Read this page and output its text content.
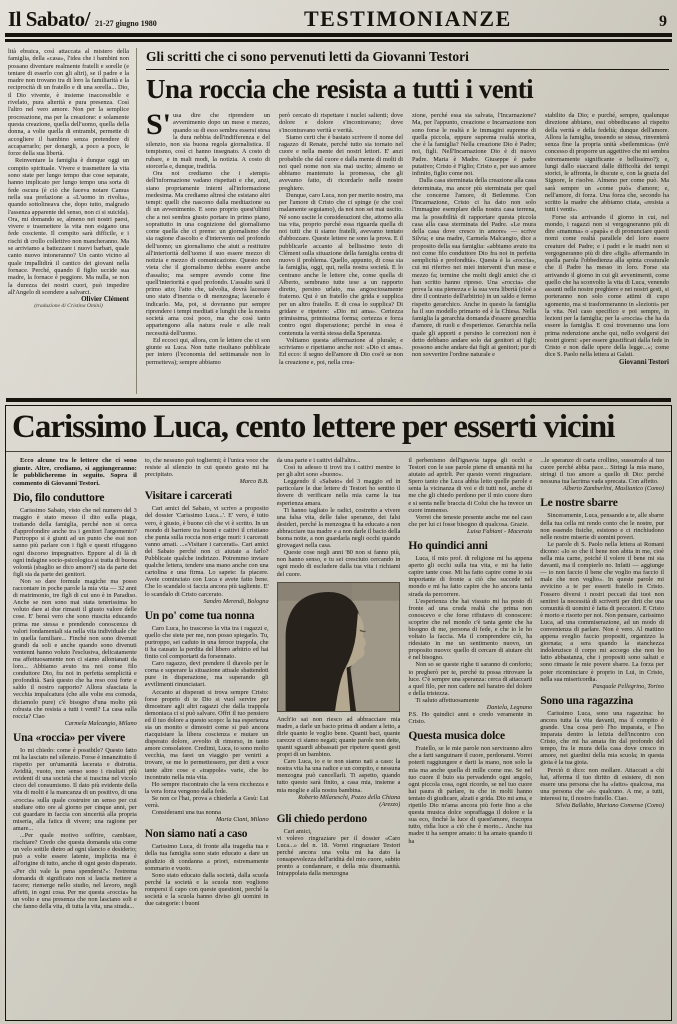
Il Sabato/ 21-27 giugno 1980	TESTIMONIANZE	9

lità ebraica, così attaccata al mistero della famiglia, della «casa», l'idea che i bambini non possano diventare realmente fratelli e sorelle (e tentare di esserlo con gli altri), se il padre e la madre non trovano tra di loro la familiarità e la reciprocità di un fratello e di una sorella... Dio, il Dio vivente, è insieme inaccessibile e rivelato, pura alterità e pura presenza. Così l'altro nel vero amore. Non per la semplice procreazione, ma per la creazione: e solamente questa creazione, quella dell'uomo, quella della donna, a volte quella di entrambi, permette di accogliere il bambino senza pretendere di accaparrarlo; per donargli, a poco a poco, le forze della sua libertà.

Reinventare la famiglia è dunque oggi un compito spirituale. Vivere e trasmettere la vita sono state per lungo tempo due cose separate, hanno implicato per lungo tempo una sorta di fede oscura (è ciò che faceva notare Camus nella sua prefazione a «L'uomo in rivolta», quando sottolineava che, dopo tutto, malgrado l'assenza apparente del senso, non ci si suicida). Ora, mi domando se, almeno nei nostri paesi, vivere e trasmettere la vita non esigano una fede cosciente. Il compito sarà difficile, e i rischi di crollo collettivo non mancheranno. Ma se arriviamo a battezzare i nuovi barbari, quale canto nuovo intoneranno? Un canto vicino al quale impallidirà il cantico dei giovani nella fornace. Perché, quando il figlio uccide sua madre, la fornace è peggiore. Ma nulla, se non la durezza dei nostri cuori, può impedire all'Angelo di scendere a salvarci.

Olivier Clément

(traduzione di Cristina Omini)

Gli scritti che ci sono pervenuti letti da Giovanni Testori
Una roccia che resista a tutti i venti

S' usa dire che riprendere un avvenimento dopo un mese e mezzo, quando su di esso sembra essersi stesa la dura nebbia dell'indifferenza e del silenzio, non sia buona regola giornalistica. Il tempismo, così ci hanno insegnato. A costo di rubare, e in mali modi, la notizia. A costo di storcerla e, dunque, tradirla.

Ora noi crediamo che i «tempi» dell'informazione vadano rispettati e che, anzi, siano propriamente interni all'informazione medesima. Ma crediamo altresì che esistano altri tempi: quelli che nascono dalla meditazione su di un avvenimento. E sono proprio quest'ultimi che a noi sembra giusto portare in primo piano, soprattutto in una cognizione del giornalismo come quella che ci preme: un giornalismo che sia ragione d'ascolto e d'intervento nel profondo dell'uomo; un giornalismo che aiuti a restituire all'interiorità dell'uomo il suo essere mezzo di notizia e mezzo di comunicazione. Questo non vieta che il giornalismo debba essere anche d'assalto; ma sempre avendo come fine quell'interiorità e quel profondo. L'assalto sarà il primo atto; l'atto che, talvolta, dovrà lacerare uno stato d'inerzia o di menzogna; lacerarlo è indicarlo. Ma, poi, si dovranno pur sempre riprendere i tempi meditati e lunghi che la nostra società ama così poco, ma che così tanto appartengono alla natura reale e alle reali necessità dell'uomo.

Ed eccoci qui, allora, con le lettere che ci son giunte su Luca. Non tutte risultano pubblicate per intero (l'economia del settimanale non lo permetteva); sempre abbiamo

però cercato di rispettare i nuclei salienti; dove dolore e dolore s'incontravano; dove s'incontravano verità e verità.

Siamo certi che è bastato scrivere il nome del ragazzo di Renate, perché tutto sia tornato nel cuore e nella mente dei nostri lettori. E' anzi probabile che dal cuore e dalla mente di molti di noi quel nome non sia mai uscito; almeno se abbiamo mantenuto la promessa, che gli avevamo fatto, di ricordarlo nelle nostre preghiere.

Dunque, caro Luca, non per merito nostro, ma per l'amore di Cristo che ci spinge (e che così malamente seguiamo), da noi non sei mai uscito. Né sono uscite le considerazioni che, attorno alla tua vita, proprio perché essa riguarda quella di noi tutti che ti siamo fratelli, avevamo tentato d'abbozzare. Queste lettere ne sono la prova. E il pubblicarle accanto al bellissimo testo di Clément sulla situazione della famiglia centra di nuovo il problema. Quello, appunto, di cosa sia la famiglia, oggi, qui, nella nostra società. E lo centrano anche le lettere che, come quella di Alberto, sembrano tutte tese a un rapporto diretto, persino urlato, ma angosciosamente fraterno. Qui è un fratello che grida e supplica per un altro fratello. E di cosa lo supplica? Di gridare e ripetere: «Dio mi ama». Certezza primissima, primissima forma; certezza e forza contro ogni disperazione; perché in essa è contenuta la verità stessa della Speranza.

Voltiamo questa affermazione al plurale; e scriviamo e ripetiamo anche noi: «Dio ci ama». Ed ecco: il segno dell'amore di Dio cos'è se non la creazione e, poi, nella crea-

zione, perché essa sia salvata, l'Incarnazione? Ma, per l'appunto, creazione e Incarnazione non sono forse le realtà e le immagini supreme di quella piccola, eppure suprema realtà storica, che è la famiglia? Nella creazione Dio è Padre; noi, figli. Nell'Incarnazione Dio è di nuovo Padre. Maria è Madre. Giuseppe è padre putativo; Cristo è Figlio; Cristo e, per suo amore infinito, figlio come noi.

Dalla casa sterminata della creazione alla casa determinata, ma ancor più sterminata per quel che concerne l'amore, di Betlemme. Con l'Incarnazione, Cristo ci ha dato non solo l'immagine esemplare della nostra casa terrena, ma la possibilità di rapportare questa piccola casa alla casa sterminata del Padre. «Le mura della casa dove cresco in amore» — scrive Silvia; e una madre, Carmela Malcangio, dice a proposito della sua famiglia: «abbiamo avuto tra noi come filo conduttore Dio fra noi in perfetta semplicità e profondità». Questa è la «roccia», cui mi riferivo nei miei interventi d'un mese e mezzo fa; termine che molti degli amici che ci han scritto hanno ripreso. Una «roccia» che prova la sua pienezza e la sua vera libertà (cioè a dire il contrario dell'arbitrio) in un saldo e fermo rispetto gerarchico. Anche in questo la famiglia ha il suo modello primario ed è la Chiesa. Nella famiglia la gerarchia domanda d'essere gerarchia d'amore, di ruoli e d'esperienze. Gerarchia nella quale gli apporti e persino le correzioni non è detto debbano andare solo dai genitori ai figli; possono anche andare dai figli ai genitori; pur di non sovvertire l'ordine naturale e

stabilito da Dio; e purché, sempre, qualunque direzione abbiano, essi obbediscano al rispetto della verità e della fedeltà; dunque dell'amore. Allora la famiglia, tessendo se stessa, rinventerà senza fine la propria unità «betlemmica» (m'è concesso di proporre un aggettivo che mi sembra estremamente significante e bellissimo?); e, lungi dallo staccarsi dalle difficoltà dei tempi storici, le affronta, le discute e, con la grazia del Signore, le risolve. Almeno per come può. Ma sarà sempre un «come può» d'amore; e, nell'amore, di forza. Una forza che, secondo ha scritto la madre che abbiamo citata, «resista a tutti i venti».

Forse sta arrivando il giorno in cui, nel mondo, i ragazzi non si vergogneranno più di dire «mamma» o «papà» e di pronunciare questi nomi come realtà parallele del loro essere creature del Padre; e i padri e le madri non si vergogneranno più di dire «figli» affermando in quella parola l'obbedienza alla spinta creaturale che il Padre ha messo in loro. Forse sta arrivando il giorno in cui gli avvenimenti, come quello che ha sconvolto la vita di Luca, venendo assunti nelle nostre preghiere e nei nostri gesti, si porteranno non solo come attimi di cupo sgomento, ma si trasformeranno in «lezioni» per la vita. Nel caso specifico e poi sempre, in lezioni per la famiglia; per la «roccia» che ha da essere la famiglia. E così troveranno una loro prima redenzione anche qui, nello svolgersi dei nostri giorni: «per essere giustificati dalla fede in Cristo e non dalle opere della legge...»; come dice S. Paolo nella lettera ai Galati.

Giovanni Testori

Carissimo Luca, cento lettere per esserti vicini

Ecco alcune tra le lettere che ci sono giunte. Altre, crediamo, si aggiungeranno: le pubblicheremo in seguito. Sopra il commento di Giovanni Testori.

Dio, filo conduttore

Carissimo Sabato, visto che nel numero del 3 maggio è stato messo il dito sulla piaga, trattando della famiglia, perché non si cerca d'approfondire anche tra i genitori l'argomento? Purtroppo si è giunti ad un punto che essi non sanno più parlare con i figli e questi rifuggono ogni discorso impegnativo. Eppure al di là di ogni indagine socio-psicologica si tratta di buona volontà (sbaglio se dico amore?) sia da parte dei figli sia da parte dei genitori.

Non so dare formule magiche ma posso raccontare in poche parole la mia vita — 32 anni di matrimonio, tre figli di cui uno è in Paradiso. Anche se non sono mai stata tenerissima ho voluto dare ai due rimasti il giusto valore delle cose. E' bensì vero che sono riuscita educando prima me stessa e prendendo conoscenza di valori fondamentali sia nella vita individuale che in quella familiare... Finché non sono divenuti grandi da soli e anche quando sono divenuti ventenni hanno voluto l'esclusiva, delicatamente ma affettuosamente non ci siamo allontanati da loro... Abbiamo avuto tra noi come filo conduttore Dio, fra noi in perfetta semplicità e profondità. Sarà questo che ha reso così forte e saldo il nostro rapporto? Allora sfasciata la vecchia impalcatura (che alle volte era comoda, diciamolo pure) c'è bisogno d'una molto più robusta che resista a tutti i venti? La casa sulla roccia? Ciao

Carmela Malcangio, Milano

Una «roccia» per vivere

Io mi chiedo: come è possibile? Questo fatto mi ha lasciato nel silenzio. Forse è innanzitutto il rispetto per un'umanità lacerata e distrutta. Avidità, vuoto, non senso sono i risultati più evidenti di una società che si trascina nel vicolo cieco del consumismo. Il dato più evidente della vita di molti è la mancanza di un positivo, di una «roccia» sulla quale costruire un senso per cui studiare otto ore al giorno per cinque anni, per cui guardare in faccia con sincerità alla propria miseria, alla fatica di vivere; una ragione per amare...

...Per quale motivo soffrire, cambiare, rischiare? Credo che questa domanda stia come un velo sottile dietro ad ogni slancio e desiderio; può a volte essere latente, implicita ma è all'origine di tutto, anche di ogni gesto disperato. «Per chi vale la pena spendersi?»: l'estrema domanda di significato non si lascia mettere a tacere; riemerge nello studio, nel lavoro, negli affetti, in ogni cosa. Per me questa «roccia» ha un volto e una presenza che non lasciano soli e che fanno della vita, di tutta la vita, una strada...

to, che nessuno può togliermi; è l'unica voce che resiste al silenzio in cui questo gesto mi ha precipitato.

Marco B.B.

Visitare i carcerati

Cari amici del Sabato, vi scrivo a proposito del dossier 'Carissimo Luca...'. E' vero, è tutto vero, è giusto, è buono ciò che vi è scritto. In un mondo di barriere tra buoni e cattivi il cristiano che punta sulla roccia non erige muri: i carcerati vanno amati. ...«Visitare i carcerati». Cari amici del Sabato perché non ci aiutate a farlo? Pubblicate qualche indirizzo. Potremmo inviare qualche lettera, tendere una mano anche con una cartolina e una firma. Lo sapete: fa piacere. Avete cominciato con Luca e avete fatto bene. Che lo scandalo si faccia ancora più tagliente. E' lo scandalo di Cristo carcerato.

Sandro Merendi, Bologna

Un po' come tua nonna

Caro Luca, ho trascorso la vita tra i ragazzi e, quello che siete per me, non posso spiegarlo. Tu, purtroppo, sei caduto in una feroce trappola, che ti ha causato la perdita del libero arbitrio ed hai finito col comportarti da forsennato.

Caro ragazzo, devi prendere il diavolo per le corna e superare la situazione attuale sbattendoti pure in disperazione, ma superando gli avvilimenti rinunciatari.

Accanto ai disperati si trova sempre Cristo: forse proprio di te Dio si vuol servire per dimostrare agli altri ragazzi che dalla trappola demoniaca ci si può salvare. Offri il tuo pensiero ed il tuo dolore a questo scopo: la tua esperienza sia un monito e dimostri come si può ancora riacquistare la libera coscienza e mutare un disperato dolore, avvolto di rimorso, in tanto amore consolatore. Credimi, Luca, io sono molto vecchia, ma farei un viaggio per venirti a trovare, se me lo permettessero, per dirti a voce tante altre cose e «trappole» varie, che ho incontrato nella mia vita.

Ho sempre riscontrato che la vera ricchezza e la vera forza vengono dalla fede.

Se non ce l'hai, prova a chiederla a Gesù: Lui verrà.

Considerami una tua nonna

Maria Ciani, Milano

Non siamo nati a caso

Carissimo Luca, di fronte alla tragedia tua e della tua famiglia sono stato educato a dare un giudizio di condanna a priori, estremamente sommario e vuoto.

Sono stato educato dalla società, dalla scuola perché la società e la scuola non vogliono rompersi il capo con queste questioni, perché la società e la scuola hanno diviso gli uomini in due categorie: i buoni

da una parte e i cattivi dall'altra...

Così tu adesso ti trovi tra i cattivi mentre io per gli altri sono «buono».

Leggendo il «Sabato» del 3 maggio ed in particolare le due lettere di Testori ho sentito il dovere di verificare nella mia carne la tua esperienza amara.

Ti hanno tagliato le radici, costretto a vivere una falsa vita, delle false speranze, dei falsi desideri, perché la menzogna ti ha educato a non abbracciare tua madre e a non darle il bacio della buona notte, a non guardarla negli occhi quando girovagavi nella casa.

Queste cose negli anni '80 non si fanno più, non hanno senso, e tu sei cresciuto cercando in ogni modo di escludere dalla tua vita i richiami del cuore.

Anch'io sai non riesco ad abbracciare mia madre, a darle un bacio prima di andare a letto, a dirle quanto le voglio bene. Quanti baci, quante carezze ci siamo negati; quante parole non dette, quanti sguardi abbassati per ripetere questi gesti propri di un bambino.

Caro Luca, io e te non siamo nati a caso: la nostra vita ha una radice e un compito, e nessuna menzogna può cancellarli. Ti aspetto, quando tutto questo sarà finito, a casa mia, insieme a mia moglie e alla nostra bambina.

Roberto Milaneschi, Pozzo della Chiana (Arezzo)

Gli chiedo perdono

Cari amici,

vi volevo ringraziare per il dossier «Caro Luca...» del n. 18. Vorrei ringraziare Testori perché ancora una volta mi ha dato la consapevolezza dell'aridità del mio cuore, subito pronto a condannare, e della mia disumanità. Intrappolata dalla menzogna

il perbenismo dell'ignavia tappa gli occhi e Testori con le sue parole piene di umanità mi ha aiutato ad aprirli. Per questo vorrei ringraziare. Spero tanto che Luca abbia letto quelle parole e senta la vicinanza di voi e di tutti noi, anche di me che gli chiedo perdono per il mio cuore duro e si senta nelle braccia di Colui che ha invece un cuore immenso.

Vorrei che teneste presente anche me nel caso che per lui ci fosse bisogno di qualcosa. Grazie.

Luisa Fabiani - Macerata

Ho quindici anni

Luca, il mio prof. di religione mi ha appena aperto gli occhi sulla tua vita, e mi ha fatto capire tante cose. Mi ha fatto capire come io sia importante di fronte a ciò che succede nel mondo e mi ha fatto capire che ho ancora tanta strada da percorrere.

L'esperienza che hai vissuto mi ha posto di fronte ad una cruda realtà che prima non conoscevo e che forse rifiutavo di conoscere: scoprire che nel mondo c'è tanta gente che ha bisogno di me, persona di fede, e che io le ho voltato la faccia. Ma il comprendere ciò, ha ridestato in me un sentimento nuovo, un proposito nuovo: quello di cercare di aiutare chi è nel bisogno.

Non so se queste righe ti saranno di conforto; io pregherò per te, perché tu possa ritrovare la luce. C'è sempre una speranza: cerca di attaccarti a quel filo, per non cadere nel baratro del dolore e della tristezza.

Ti saluto affettuosamente

Daniela, Legnano

P.S. Ho quindici anni e credo veramente in Cristo.

Questa musica dolce

Fratello, se le mie parole non serviranno altro che a farti sanguinare il cuore, perdonami. Vorrei poterti raggiungere e darti la mano, non solo la mia ma anche quella di mille come me. Se nel tuo cuore il buio sta pervadendo ogni angolo, ogni piccola cosa, ogni ricordo, se nel tuo cuore hai paura di parlare, tu che in molti hanno tentato di giudicare, alzati e grida. Dio mi ama, e ripetilo Dio m'ama ancora più forte fino a che questa musica dolce sopraffagga il dolore e la sua eco, finché la luce di quest'amore, riscopra tutto, ridìa luce a ciò che è morto... Anche tua madre ti ha sempre amato: ti ha amato quando ti ha

...le speranze di carta crollino, sussurralo al tuo cuore perché abbia pace... Stringi la mia mano, stringi il tuo amore a quello di Dio: perché nessuna tua lacrima vada sprecata. Con affetto.

Alberto Zamburlini, Maslianico (Como)

Le nostre sbarre

Sinceramente, Luca, pensando a te, alle sbarre della tua cella mi rendo conto che le nostre, pur non essendo fisiche, esistono e ci rinchiudono nelle nostre miserie di uomini poveri.

Le parole di S. Paolo nella lettera ai Romani dicono: «Io so che il bene non abita in me, cioè nella mia carne, poiché il volere il bene mi sta davanti, ma il compierlo no. Infatti — aggiunge — io non faccio il bene che voglio ma faccio il male che non voglio». In queste parole mi avvicino a te per esserti fratello in Cristo. Fossero diversi i nostri peccati dai tuoi non sentirei la necessità di scriverti per dirti che una comunità di uomini è fatta di peccatori. E Cristo è morto e risorto per noi. Non pensare, carissimo Luca, ad una commiserazione, ad un modo di convenienza di parlare. Non è vero. Al mattino appena sveglio faccio propositi, organizzo la giornata; a sera quando la stanchezza indolenzisce il corpo mi accorgo che non ho fatto abbastanza, che i propositi sono saltati e sono rimaste le mie povere sbarre. La forza per poter ricominciare è proprio in Lui, in Cristo, nella sua misericordia.

Pasquale Pellegrino, Torino

Sono una ragazzina

Carissimo Luca, sono una ragazzina: ho ancora tutta la vita davanti, ma il compito è grande. Una cosa però l'ho imparata, e l'ho imparata dentro la letizia dell'incontro con Cristo, che mi ha amata fin dal profondo del tempo, fra le mura della casa dove cresco in amore, nei giardini della mia scuola; in questa gioia è la tua gioia.

Perciò ti dico: non mollare. Attaccati a chi hai, afferma il tuo diritto di esistere, di non essere una persona che ha «fatto» qualcosa, ma una persona che «è» qualcuno. A me, a tutti, interessi tu, il nostro fratello. Ciao.

Silvia Ballabio, Mariano Comense (Como)
